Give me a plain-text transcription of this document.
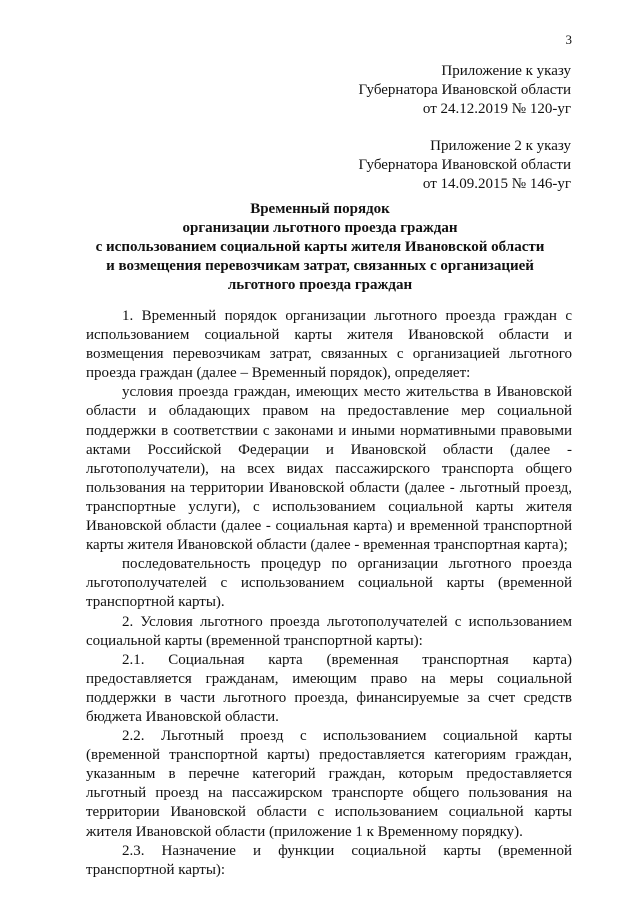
3
Приложение к указу
Губернатора Ивановской области
от 24.12.2019 № 120-уг
Приложение 2 к указу
Губернатора Ивановской области
от 14.09.2015 № 146-уг
Временный порядок
организации льготного проезда граждан
с использованием социальной карты жителя Ивановской области
и возмещения перевозчикам затрат, связанных с организацией
льготного проезда граждан

1. Временный порядок организации льготного проезда граждан с использованием социальной карты жителя Ивановской области и возмещения перевозчикам затрат, связанных с организацией льготного проезда граждан (далее – Временный порядок), определяет:

условия проезда граждан, имеющих место жительства в Ивановской области и обладающих правом на предоставление мер социальной поддержки в соответствии с законами и иными нормативными правовыми актами Российской Федерации и Ивановской области (далее - льготополучатели), на всех видах пассажирского транспорта общего пользования на территории Ивановской области (далее - льготный проезд, транспортные услуги), с использованием социальной карты жителя Ивановской области (далее - социальная карта) и временной транспортной карты жителя Ивановской области (далее - временная транспортная карта);

последовательность процедур по организации льготного проезда льготополучателей с использованием социальной карты (временной транспортной карты).

2. Условия льготного проезда льготополучателей с использованием социальной карты (временной транспортной карты):

2.1. Социальная карта (временная транспортная карта) предоставляется гражданам, имеющим право на меры социальной поддержки в части льготного проезда, финансируемые за счет средств бюджета Ивановской области.

2.2. Льготный проезд с использованием социальной карты (временной транспортной карты) предоставляется категориям граждан, указанным в перечне категорий граждан, которым предоставляется льготный проезд на пассажирском транспорте общего пользования на территории Ивановской области с использованием социальной карты жителя Ивановской области (приложение 1 к Временному порядку).

2.3. Назначение и функции социальной карты (временной транспортной карты):
